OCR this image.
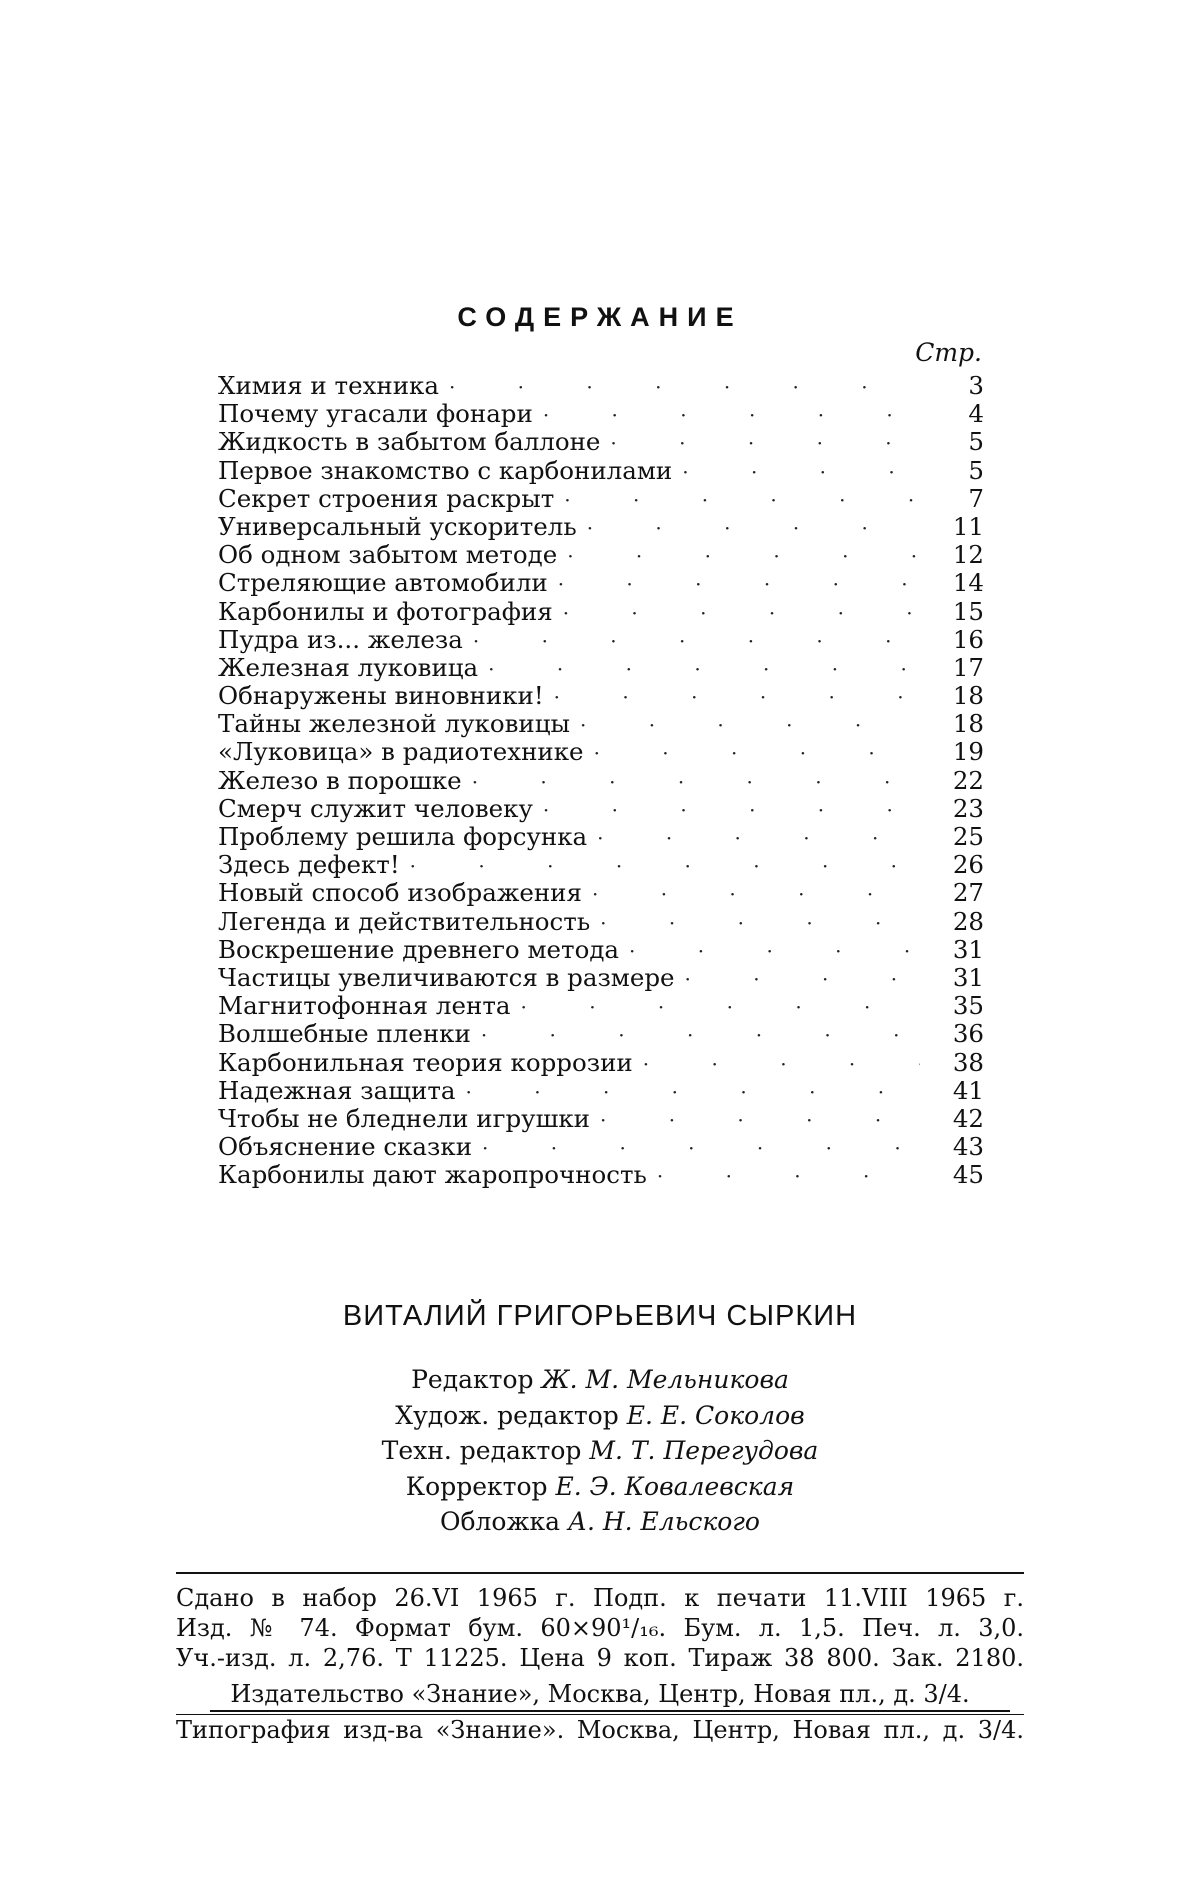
СОДЕРЖАНИЕ
Стр.
Химия и техника · · ·	3
Почему угасали фонари · · ·	4
Жидкость в забытом баллоне · · ·	5
Первое знакомство с карбонилами · · ·	5
Секрет строения раскрыт · · ·	7
Универсальный ускоритель · · ·	11
Об одном забытом методе · · ·	12
Стреляющие автомобили · · ·	14
Карбонилы и фотография · · ·	15
Пудра из... железа · · ·	16
Железная луковица · · ·	17
Обнаружены виновники! · · ·	18
Тайны железной луковицы · · ·	18
«Луковица» в радиотехнике · · ·	19
Железо в порошке · · ·	22
Смерч служит человеку · · ·	23
Проблему решила форсунка · · ·	25
Здесь дефект! · · ·	26
Новый способ изображения · · ·	27
Легенда и действительность · · ·	28
Воскрешение древнего метода · · ·	31
Частицы увеличиваются в размере · · ·	31
Магнитофонная лента · · ·	35
Волшебные пленки · · ·	36
Карбонильная теория коррозии · · ·	38
Надежная защита · · ·	41
Чтобы не бледнели игрушки · · ·	42
Объяснение сказки · · ·	43
Карбонилы дают жаропрочность · · ·	45
ВИТАЛИЙ ГРИГОРЬЕВИЧ СЫРКИН
Редактор Ж. М. Мельникова
Худож. редактор Е. Е. Соколов
Техн. редактор М. Т. Перегудова
Корректор Е. Э. Ковалевская
Обложка А. Н. Ельского
Сдано в набор 26.VI 1965 г. Подп. к печати 11.VIII 1965 г.
Изд. № 74. Формат бум. 60×90¹/₁₆. Бум. л. 1,5. Печ. л. 3,0.
Уч.-изд. л. 2,76. Т 11225. Цена 9 коп. Тираж 38 800. Зак. 2180.
Издательство «Знание», Москва, Центр, Новая пл., д. 3/4.
Типография изд-ва «Знание». Москва, Центр, Новая пл., д. 3/4.
